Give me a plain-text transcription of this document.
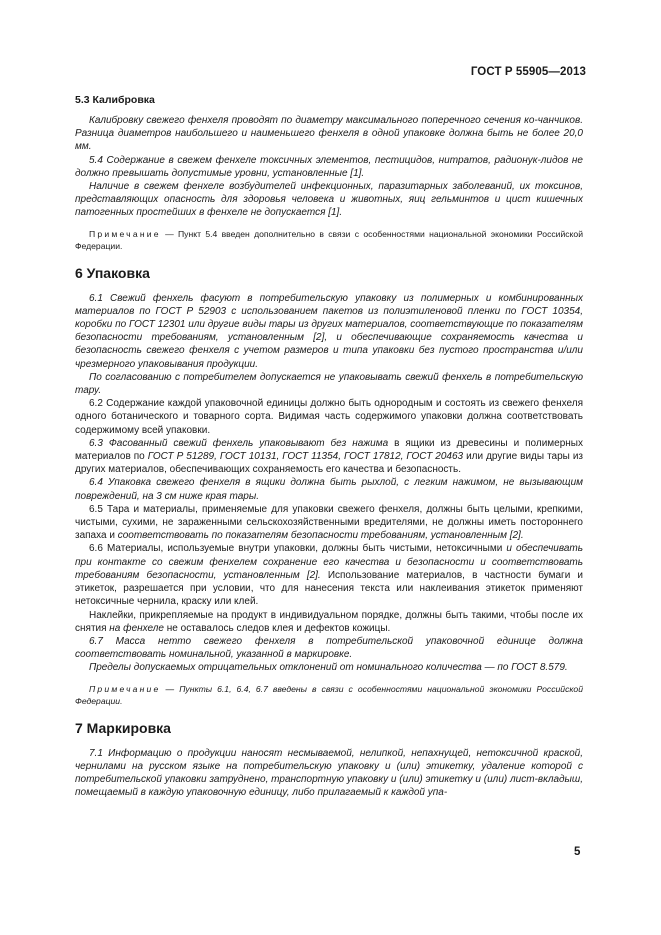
ГОСТ Р 55905—2013
5.3 Калибровка

Калибровку свежего фенхеля проводят по диаметру максимального поперечного сечения ко-чанчиков. Разница диаметров наибольшего и наименьшего фенхеля в одной упаковке должна быть не более 20,0 мм.

5.4 Содержание в свежем фенхеле токсичных элементов, пестицидов, нитратов, радионук-лидов не должно превышать допустимые уровни, установленные [1].

Наличие в свежем фенхеле возбудителей инфекционных, паразитарных заболеваний, их токсинов, представляющих опасность для здоровья человека и животных, яиц гельминтов и цист кишечных патогенных простейших в фенхеле не допускается [1].

Примечание — Пункт 5.4 введен дополнительно в связи с особенностями национальной экономики Российской Федерации.
6 Упаковка

6.1 Свежий фенхель фасуют в потребительскую упаковку из полимерных и комбинированных материалов по ГОСТ Р 52903 с использованием пакетов из полиэтиленовой пленки по ГОСТ 10354, коробки по ГОСТ 12301 или другие виды тары из других материалов, соответствующие по показателям безопасности требованиям, установленным [2], и обеспечивающие сохраняемость качества и безопасность свежего фенхеля с учетом размеров и типа упаковки без пустого пространства и/или чрезмерного упаковывания продукции.

По согласованию с потребителем допускается не упаковывать свежий фенхель в потребительскую тару.

6.2 Содержание каждой упаковочной единицы должно быть однородным и состоять из свежего фенхеля одного ботанического и товарного сорта. Видимая часть содержимого упаковки должна соответствовать содержимому всей упаковки.

6.3 Фасованный свежий фенхель упаковывают без нажима в ящики из древесины и полимерных материалов по ГОСТ Р 51289, ГОСТ 10131, ГОСТ 11354, ГОСТ 17812, ГОСТ 20463 или другие виды тары из других материалов, обеспечивающих сохраняемость его качества и безопасность.

6.4 Упаковка свежего фенхеля в ящики должна быть рыхлой, с легким нажимом, не вызывающим повреждений, на 3 см ниже края тары.

6.5 Тара и материалы, применяемые для упаковки свежего фенхеля, должны быть целыми, крепкими, чистыми, сухими, не зараженными сельскохозяйственными вредителями, не должны иметь постороннего запаха и соответствовать по показателям безопасности требованиям, установленным [2].

6.6 Материалы, используемые внутри упаковки, должны быть чистыми, нетоксичными и обеспечивать при контакте со свежим фенхелем сохранение его качества и безопасности и соответствовать требованиям безопасности, установленным [2]. Использование материалов, в частности бумаги и этикеток, разрешается при условии, что для нанесения текста или наклеивания этикеток применяют нетоксичные чернила, краску или клей.

Наклейки, прикрепляемые на продукт в индивидуальном порядке, должны быть такими, чтобы после их снятия на фенхеле не оставалось следов клея и дефектов кожицы.

6.7 Масса нетто свежего фенхеля в потребительской упаковочной единице должна соответствовать номинальной, указанной в маркировке.

Пределы допускаемых отрицательных отклонений от номинального количества — по ГОСТ 8.579.

Примечание — Пункты 6.1, 6.4, 6.7 введены в связи с особенностями национальной экономики Российской Федерации.
7 Маркировка

7.1 Информацию о продукции наносят несмываемой, нелипкой, непахнущей, нетоксичной краской, чернилами на русском языке на потребительскую упаковку и (или) этикетку, удаление которой с потребительской упаковки затруднено, транспортную упаковку и (или) этикетку и (или) лист-вкладыш, помещаемый в каждую упаковочную единицу, либо прилагаемый к каждой упа-

5
